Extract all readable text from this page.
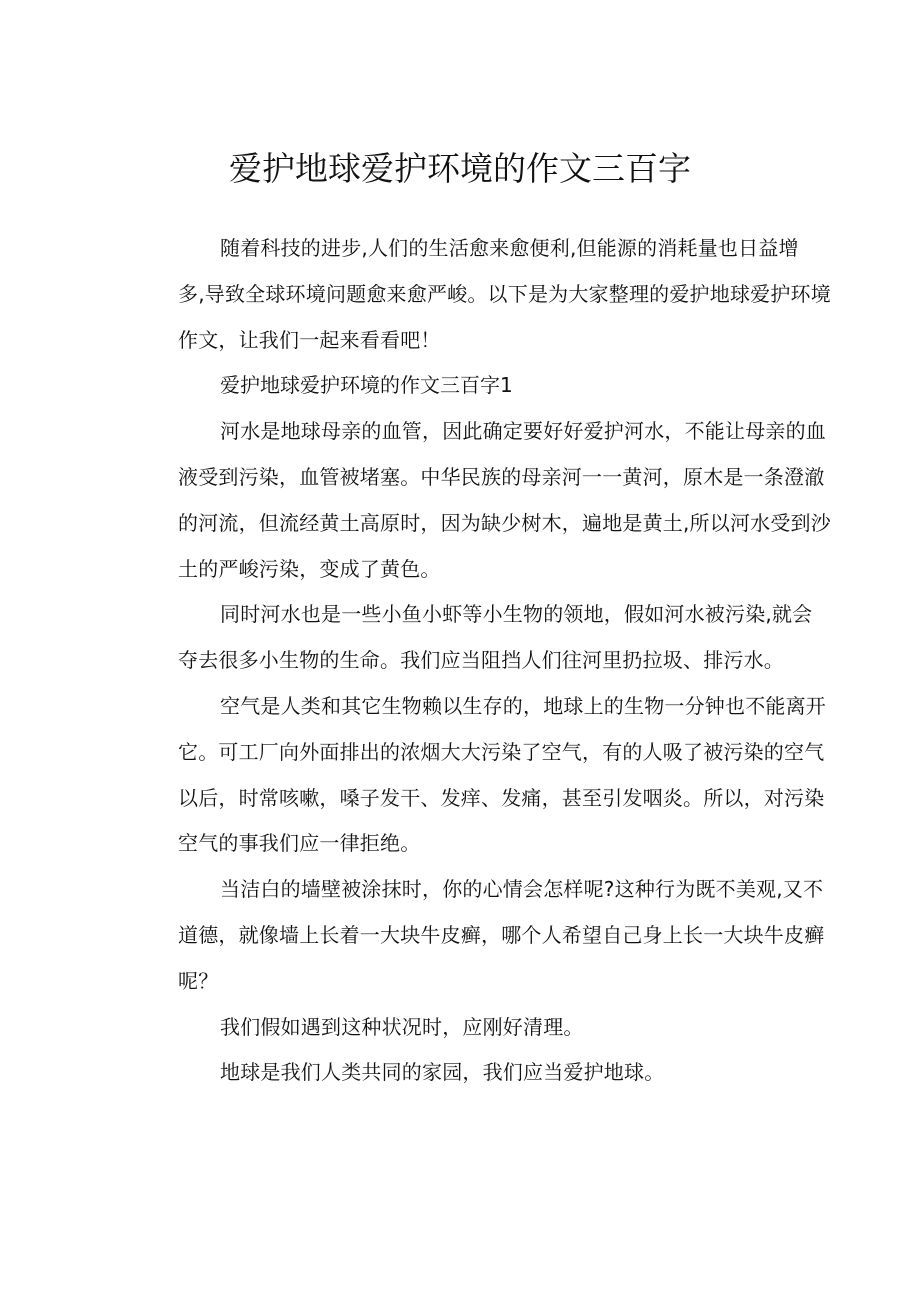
爱护地球爱护环境的作文三百字

随着科技的进步,人们的生活愈来愈便利,但能源的消耗量也日益增
多,导致全球环境问题愈来愈严峻。以下是为大家整理的爱护地球爱护环境
作文，让我们一起来看看吧！

爱护地球爱护环境的作文三百字1

河水是地球母亲的血管，因此确定要好好爱护河水，不能让母亲的血
液受到污染，血管被堵塞。中华民族的母亲河一一黄河，原木是一条澄澈
的河流，但流经黄土高原时，因为缺少树木，遍地是黄土,所以河水受到沙
土的严峻污染，变成了黄色。

同时河水也是一些小鱼小虾等小生物的领地，假如河水被污染,就会
夺去很多小生物的生命。我们应当阻挡人们往河里扔拉圾、排污水。

空气是人类和其它生物赖以生存的，地球上的生物一分钟也不能离开
它。可工厂向外面排出的浓烟大大污染了空气，有的人吸了被污染的空气
以后，时常咳嗽，嗓子发干、发痒、发痛，甚至引发咽炎。所以，对污染
空气的事我们应一律拒绝。

当洁白的墙壁被涂抹时，你的心情会怎样呢?这种行为既不美观,又不
道德，就像墙上长着一大块牛皮癣，哪个人希望自己身上长一大块牛皮癣
呢？

我们假如遇到这种状况时，应刚好清理。

地球是我们人类共同的家园，我们应当爱护地球。
